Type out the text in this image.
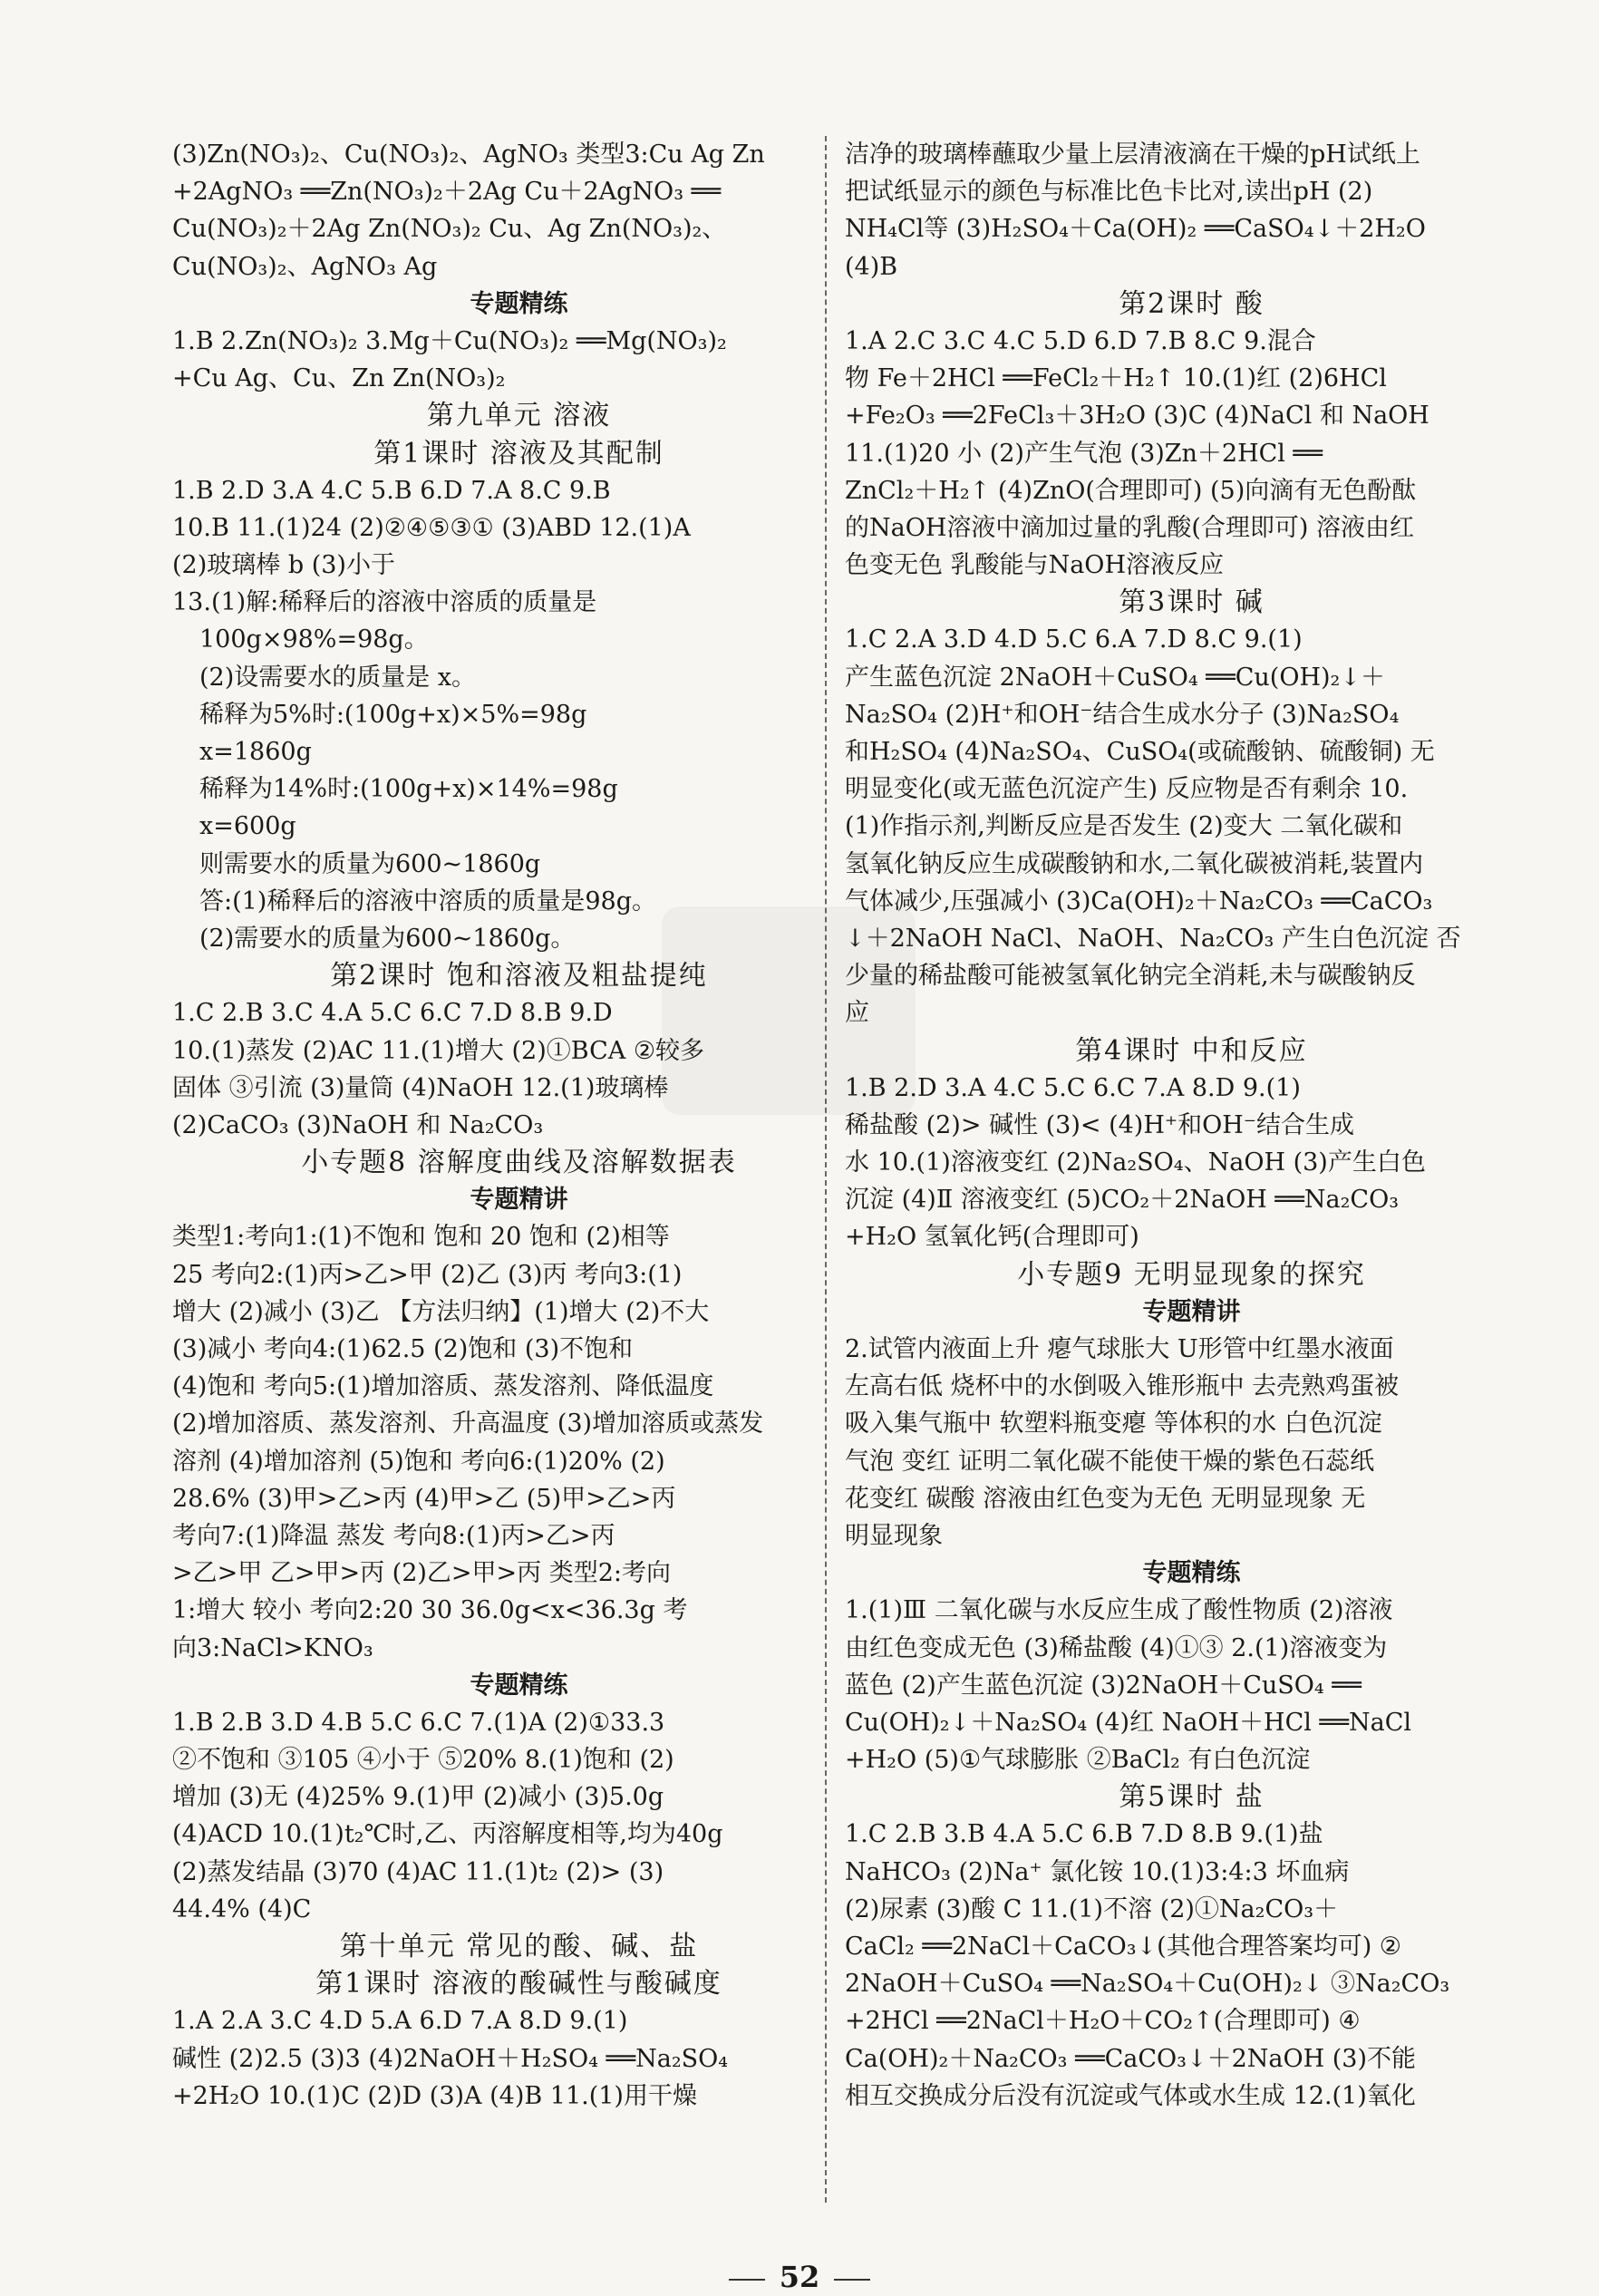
(3)Zn(NO₃)₂、Cu(NO₃)₂、AgNO₃ 类型3:Cu Ag Zn
+2AgNO₃ ══Zn(NO₃)₂＋2Ag Cu＋2AgNO₃ ══
Cu(NO₃)₂＋2Ag Zn(NO₃)₂ Cu、Ag Zn(NO₃)₂、
Cu(NO₃)₂、AgNO₃ Ag
专题精练
1.B 2.Zn(NO₃)₂ 3.Mg＋Cu(NO₃)₂ ══Mg(NO₃)₂
+Cu Ag、Cu、Zn Zn(NO₃)₂
第九单元 溶液
第1课时 溶液及其配制
1.B 2.D 3.A 4.C 5.B 6.D 7.A 8.C 9.B
10.B 11.(1)24 (2)②④⑤③① (3)ABD 12.(1)A
(2)玻璃棒 b (3)小于
13.(1)解:稀释后的溶液中溶质的质量是
100g×98%=98g。
(2)设需要水的质量是 x。
稀释为5%时:(100g+x)×5%=98g
x=1860g
稀释为14%时:(100g+x)×14%=98g
x=600g
则需要水的质量为600~1860g
答:(1)稀释后的溶液中溶质的质量是98g。
(2)需要水的质量为600~1860g。
第2课时 饱和溶液及粗盐提纯
1.C 2.B 3.C 4.A 5.C 6.C 7.D 8.B 9.D
10.(1)蒸发 (2)AC 11.(1)增大 (2)①BCA ②较多
固体 ③引流 (3)量筒 (4)NaOH 12.(1)玻璃棒
(2)CaCO₃ (3)NaOH 和 Na₂CO₃
小专题8 溶解度曲线及溶解数据表
专题精讲
类型1:考向1:(1)不饱和 饱和 20 饱和 (2)相等
25 考向2:(1)丙>乙>甲 (2)乙 (3)丙 考向3:(1)
增大 (2)减小 (3)乙 【方法归纳】(1)增大 (2)不大
(3)减小 考向4:(1)62.5 (2)饱和 (3)不饱和
(4)饱和 考向5:(1)增加溶质、蒸发溶剂、降低温度
(2)增加溶质、蒸发溶剂、升高温度 (3)增加溶质或蒸发
溶剂 (4)增加溶剂 (5)饱和 考向6:(1)20% (2)
28.6% (3)甲>乙>丙 (4)甲>乙 (5)甲>乙>丙
考向7:(1)降温 蒸发 考向8:(1)丙>乙>丙
>乙>甲 乙>甲>丙 (2)乙>甲>丙 类型2:考向
1:增大 较小 考向2:20 30 36.0g<x<36.3g 考
向3:NaCl>KNO₃
专题精练
1.B 2.B 3.D 4.B 5.C 6.C 7.(1)A (2)①33.3
②不饱和 ③105 ④小于 ⑤20% 8.(1)饱和 (2)
增加 (3)无 (4)25% 9.(1)甲 (2)减小 (3)5.0g
(4)ACD 10.(1)t₂℃时,乙、丙溶解度相等,均为40g
(2)蒸发结晶 (3)70 (4)AC 11.(1)t₂ (2)> (3)
44.4% (4)C
第十单元 常见的酸、碱、盐
第1课时 溶液的酸碱性与酸碱度
1.A 2.A 3.C 4.D 5.A 6.D 7.A 8.D 9.(1)
碱性 (2)2.5 (3)3 (4)2NaOH＋H₂SO₄ ══Na₂SO₄
+2H₂O 10.(1)C (2)D (3)A (4)B 11.(1)用干燥
洁净的玻璃棒蘸取少量上层清液滴在干燥的pH试纸上
把试纸显示的颜色与标准比色卡比对,读出pH (2)
NH₄Cl等 (3)H₂SO₄＋Ca(OH)₂ ══CaSO₄↓＋2H₂O
(4)B
第2课时 酸
1.A 2.C 3.C 4.C 5.D 6.D 7.B 8.C 9.混合
物 Fe＋2HCl ══FeCl₂＋H₂↑ 10.(1)红 (2)6HCl
+Fe₂O₃ ══2FeCl₃＋3H₂O (3)C (4)NaCl 和 NaOH
11.(1)20 小 (2)产生气泡 (3)Zn＋2HCl ══
ZnCl₂＋H₂↑ (4)ZnO(合理即可) (5)向滴有无色酚酞
的NaOH溶液中滴加过量的乳酸(合理即可) 溶液由红
色变无色 乳酸能与NaOH溶液反应
第3课时 碱
1.C 2.A 3.D 4.D 5.C 6.A 7.D 8.C 9.(1)
产生蓝色沉淀 2NaOH＋CuSO₄ ══Cu(OH)₂↓＋
Na₂SO₄ (2)H⁺和OH⁻结合生成水分子 (3)Na₂SO₄
和H₂SO₄ (4)Na₂SO₄、CuSO₄(或硫酸钠、硫酸铜) 无
明显变化(或无蓝色沉淀产生) 反应物是否有剩余 10.
(1)作指示剂,判断反应是否发生 (2)变大 二氧化碳和
氢氧化钠反应生成碳酸钠和水,二氧化碳被消耗,装置内
气体减少,压强减小 (3)Ca(OH)₂＋Na₂CO₃ ══CaCO₃
↓＋2NaOH NaCl、NaOH、Na₂CO₃ 产生白色沉淀 否
少量的稀盐酸可能被氢氧化钠完全消耗,未与碳酸钠反
应
第4课时 中和反应
1.B 2.D 3.A 4.C 5.C 6.C 7.A 8.D 9.(1)
稀盐酸 (2)> 碱性 (3)< (4)H⁺和OH⁻结合生成
水 10.(1)溶液变红 (2)Na₂SO₄、NaOH (3)产生白色
沉淀 (4)Ⅱ 溶液变红 (5)CO₂＋2NaOH ══Na₂CO₃
+H₂O 氢氧化钙(合理即可)
小专题9 无明显现象的探究
专题精讲
2.试管内液面上升 瘪气球胀大 U形管中红墨水液面
左高右低 烧杯中的水倒吸入锥形瓶中 去壳熟鸡蛋被
吸入集气瓶中 软塑料瓶变瘪 等体积的水 白色沉淀
气泡 变红 证明二氧化碳不能使干燥的紫色石蕊纸
花变红 碳酸 溶液由红色变为无色 无明显现象 无
明显现象
专题精练
1.(1)Ⅲ 二氧化碳与水反应生成了酸性物质 (2)溶液
由红色变成无色 (3)稀盐酸 (4)①③ 2.(1)溶液变为
蓝色 (2)产生蓝色沉淀 (3)2NaOH＋CuSO₄ ══
Cu(OH)₂↓＋Na₂SO₄ (4)红 NaOH＋HCl ══NaCl
+H₂O (5)①气球膨胀 ②BaCl₂ 有白色沉淀
第5课时 盐
1.C 2.B 3.B 4.A 5.C 6.B 7.D 8.B 9.(1)盐
NaHCO₃ (2)Na⁺ 氯化铵 10.(1)3:4:3 坏血病
(2)尿素 (3)酸 C 11.(1)不溶 (2)①Na₂CO₃＋
CaCl₂ ══2NaCl＋CaCO₃↓(其他合理答案均可) ②
2NaOH＋CuSO₄ ══Na₂SO₄＋Cu(OH)₂↓ ③Na₂CO₃
+2HCl ══2NaCl＋H₂O＋CO₂↑(合理即可) ④
Ca(OH)₂＋Na₂CO₃ ══CaCO₃↓＋2NaOH (3)不能
相互交换成分后没有沉淀或气体或水生成 12.(1)氧化
52
